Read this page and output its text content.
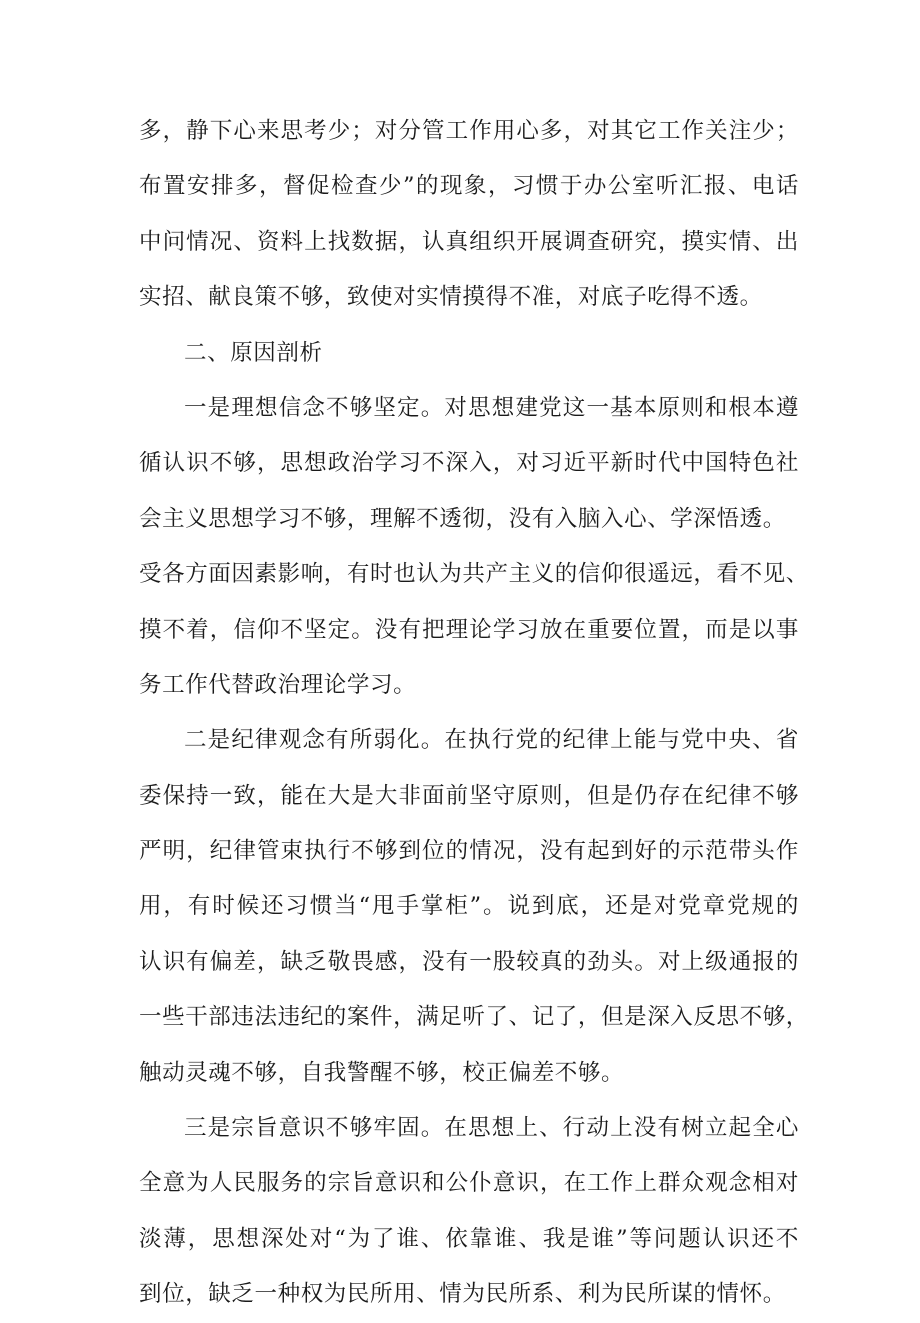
多，静下心来思考少；对分管工作用心多，对其它工作关注少；
布置安排多，督促检查少”的现象，习惯于办公室听汇报、电话
中问情况、资料上找数据，认真组织开展调查研究，摸实情、出
实招、献良策不够，致使对实情摸得不准，对底子吃得不透。
二、原因剖析
一是理想信念不够坚定。对思想建党这一基本原则和根本遵
循认识不够，思想政治学习不深入，对习近平新时代中国特色社
会主义思想学习不够，理解不透彻，没有入脑入心、学深悟透。
受各方面因素影响，有时也认为共产主义的信仰很遥远，看不见、
摸不着，信仰不坚定。没有把理论学习放在重要位置，而是以事
务工作代替政治理论学习。
二是纪律观念有所弱化。在执行党的纪律上能与党中央、省
委保持一致，能在大是大非面前坚守原则，但是仍存在纪律不够
严明，纪律管束执行不够到位的情况，没有起到好的示范带头作
用，有时候还习惯当“甩手掌柜”。说到底，还是对党章党规的
认识有偏差，缺乏敬畏感，没有一股较真的劲头。对上级通报的
一些干部违法违纪的案件，满足听了、记了，但是深入反思不够，
触动灵魂不够，自我警醒不够，校正偏差不够。
三是宗旨意识不够牢固。在思想上、行动上没有树立起全心
全意为人民服务的宗旨意识和公仆意识，在工作上群众观念相对
淡薄，思想深处对“为了谁、依靠谁、我是谁”等问题认识还不
到位，缺乏一种权为民所用、情为民所系、利为民所谋的情怀。
